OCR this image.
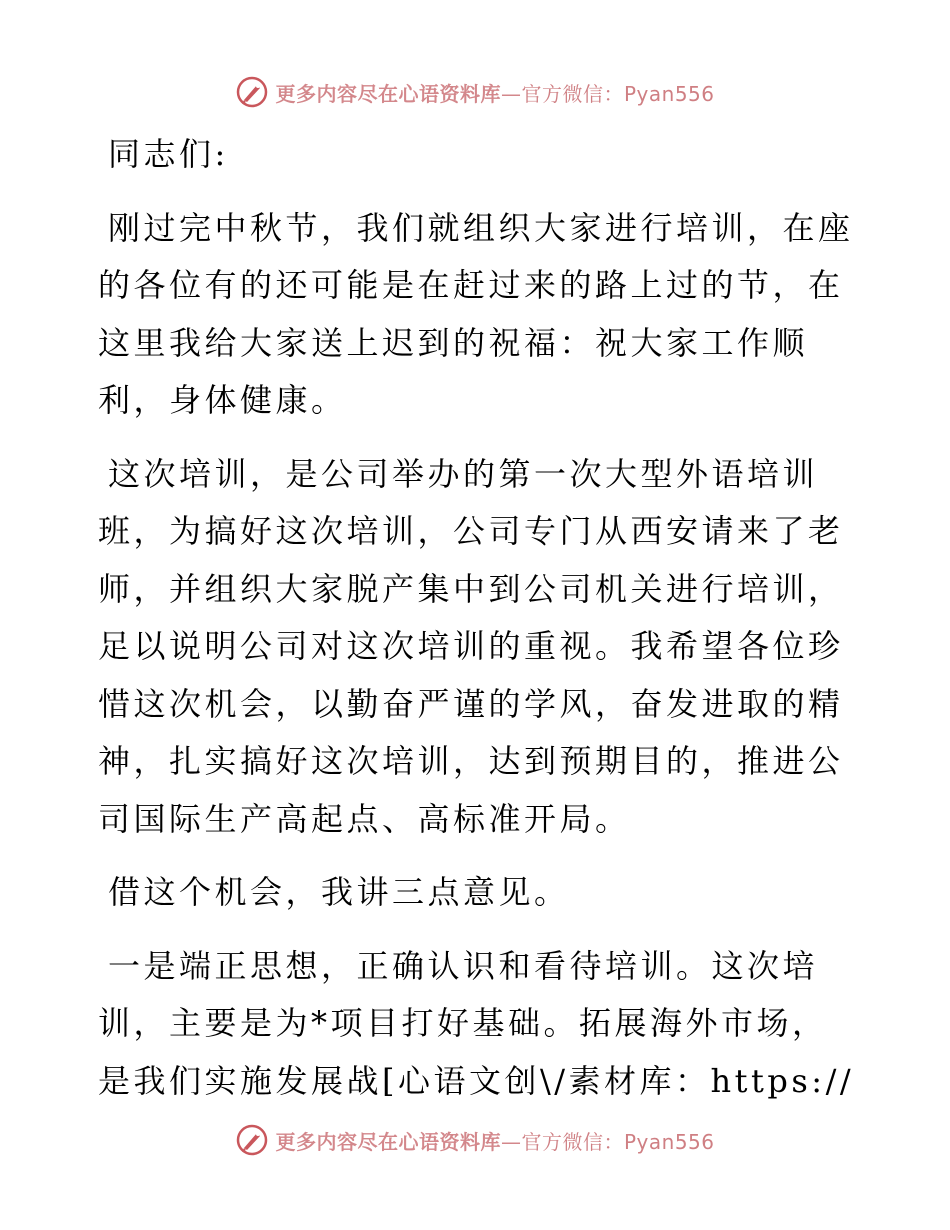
更多内容尽在心语资料库—官方微信：Pyan556

同志们:

刚过完中秋节，我们就组织大家进行培训，在座的各位有的还可能是在赶过来的路上过的节，在这里我给大家送上迟到的祝福：祝大家工作顺利，身体健康。

这次培训，是公司举办的第一次大型外语培训班，为搞好这次培训，公司专门从西安请来了老师，并组织大家脱产集中到公司机关进行培训，足以说明公司对这次培训的重视。我希望各位珍惜这次机会，以勤奋严谨的学风，奋发进取的精神，扎实搞好这次培训，达到预期目的，推进公司国际生产高起点、高标准开局。

借这个机会，我讲三点意见。

一是端正思想，正确认识和看待培训。这次培训，主要是为*项目打好基础。拓展海外市场，是我们实施发展战[心语文创\/素材库：https://

更多内容尽在心语资料库—官方微信：Pyan556
